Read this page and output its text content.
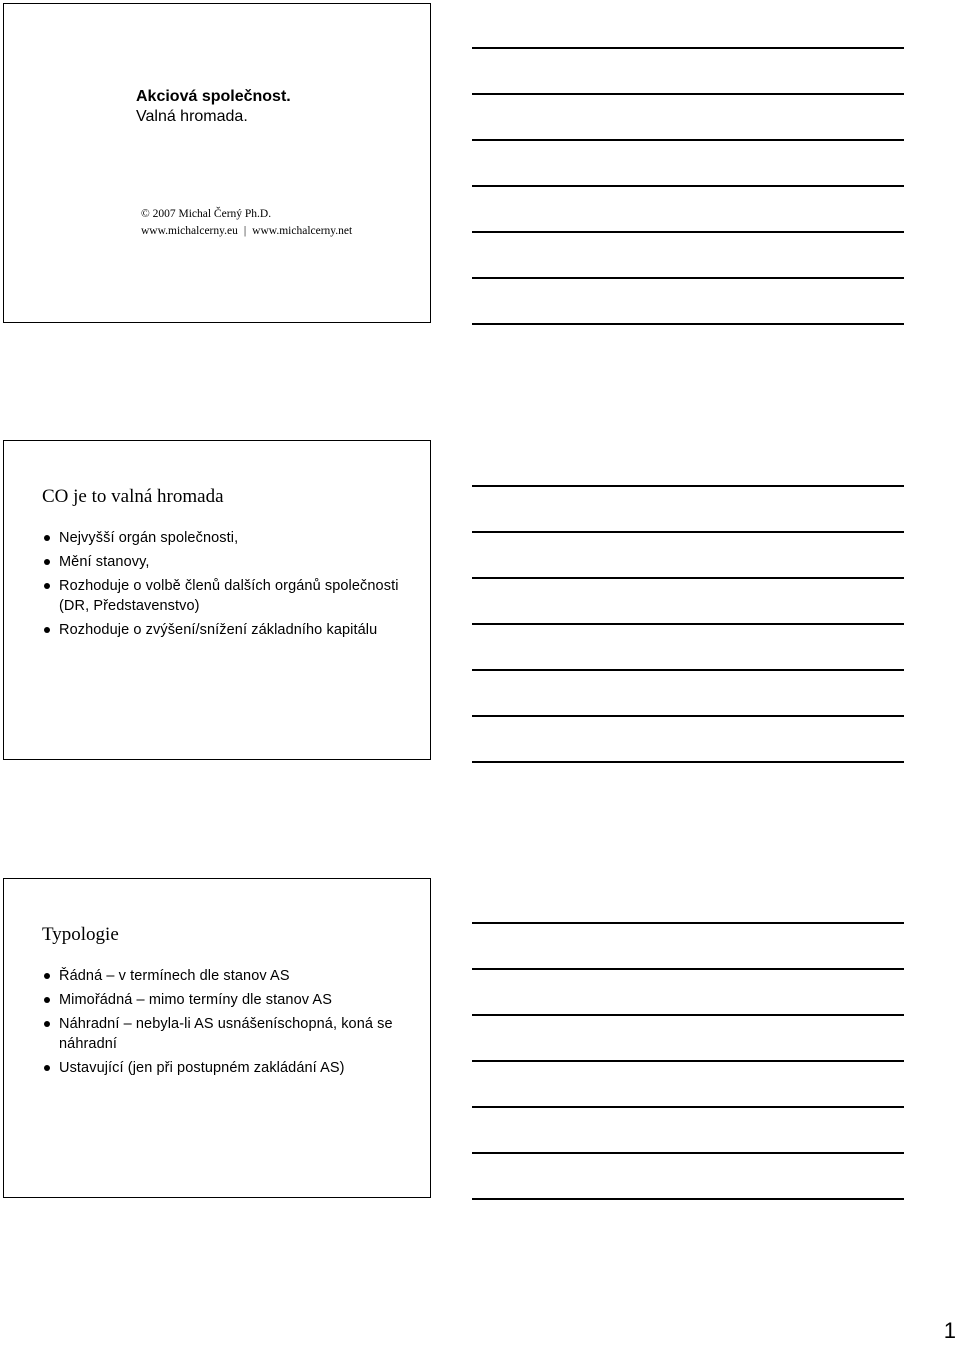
Akciová společnost.
Valná hromada.
© 2007 Michal Černý Ph.D.
www.michalcerny.eu | www.michalcerny.net
CO je to valná hromada
Nejvyšší orgán společnosti,
Mění stanovy,
Rozhoduje o volbě členů dalších orgánů společnosti (DR, Představenstvo)
Rozhoduje o zvýšení/snížení základního kapitálu
Typologie
Řádná – v termínech dle stanov AS
Mimořádná – mimo termíny dle stanov AS
Náhradní – nebyla-li AS usnášeníschopná, koná se náhradní
Ustavující (jen při postupném zakládání AS)
1
